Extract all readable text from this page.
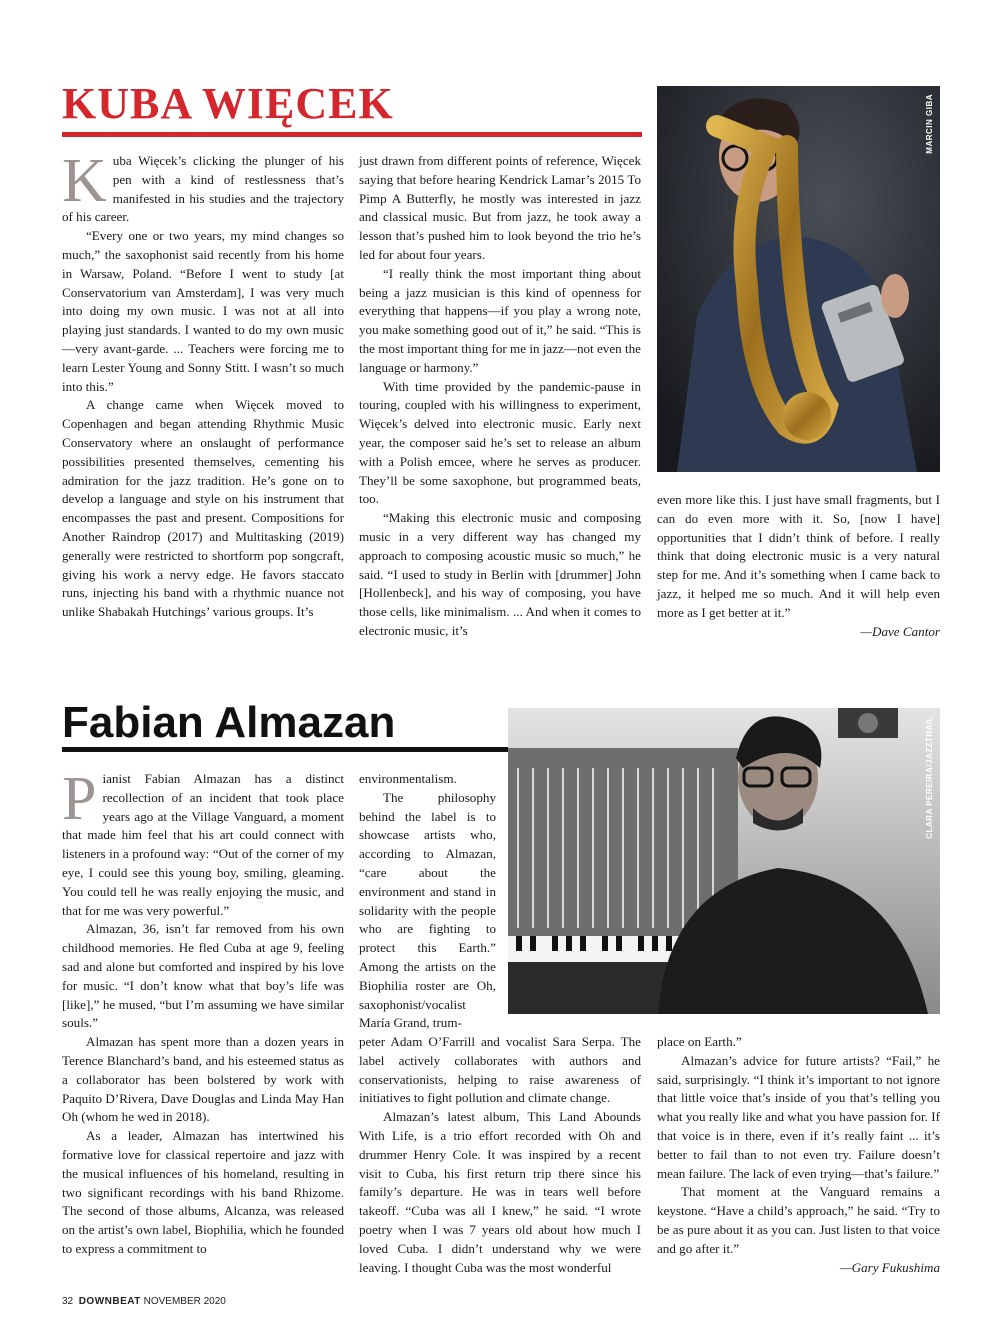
KUBA WIĘCEK

Kuba Więcek’s clicking the plunger of his pen with a kind of restlessness that’s manifested in his studies and the trajectory of his career.

“Every one or two years, my mind changes so much,” the saxophonist said recently from his home in Warsaw, Poland. “Before I went to study [at Conservatorium van Amsterdam], I was very much into doing my own music. I was not at all into playing just standards. I wanted to do my own music—very avant-garde. ... Teachers were forcing me to learn Lester Young and Sonny Stitt. I wasn’t so much into this.”

A change came when Więcek moved to Copenhagen and began attending Rhythmic Music Conservatory where an onslaught of performance possibilities presented themselves, cementing his admiration for the jazz tradition. He’s gone on to develop a language and style on his instrument that encompasses the past and present. Compositions for Another Raindrop (2017) and Multitasking (2019) generally were restricted to shortform pop songcraft, giving his work a nervy edge. He favors staccato runs, injecting his band with a rhythmic nuance not unlike Shabakah Hutchings’ various groups. It’s

just drawn from different points of reference, Więcek saying that before hearing Kendrick Lamar’s 2015 To Pimp A Butterfly, he mostly was interested in jazz and classical music. But from jazz, he took away a lesson that’s pushed him to look beyond the trio he’s led for about four years.

“I really think the most important thing about being a jazz musician is this kind of openness for everything that happens—if you play a wrong note, you make something good out of it,” he said. “This is the most important thing for me in jazz—not even the language or harmony.”

With time provided by the pandemic-pause in touring, coupled with his willingness to experiment, Więcek’s delved into electronic music. Early next year, the composer said he’s set to release an album with a Polish emcee, where he serves as producer. They’ll be some saxophone, but programmed beats, too.

“Making this electronic music and composing music in a very different way has changed my approach to composing acoustic music so much,” he said. “I used to study in Berlin with [drummer] John [Hollenbeck], and his way of composing, you have those cells, like minimalism. ... And when it comes to electronic music, it’s

MARCIN GIBA

even more like this. I just have small fragments, but I can do even more with it. So, [now I have] opportunities that I didn’t think of before. I really think that doing electronic music is a very natural step for me. And it’s something when I came back to jazz, it helped me so much. And it will help even more as I get better at it.”

—Dave Cantor
Fabian Almazan	CLARA PEREIRA/JAZZTRAIL

Pianist Fabian Almazan has a distinct recollection of an incident that took place years ago at the Village Vanguard, a moment that made him feel that his art could connect with listeners in a profound way: “Out of the corner of my eye, I could see this young boy, smiling, gleaming. You could tell he was really enjoying the music, and that for me was very powerful.”

Almazan, 36, isn’t far removed from his own childhood memories. He fled Cuba at age 9, feeling sad and alone but comforted and inspired by his love for music. “I don’t know what that boy’s life was [like],” he mused, “but I’m assuming we have similar souls.”

Almazan has spent more than a dozen years in Terence Blanchard’s band, and his esteemed status as a collaborator has been bolstered by work with Paquito D’Rivera, Dave Douglas and Linda May Han Oh (whom he wed in 2018).

As a leader, Almazan has intertwined his formative love for classical repertoire and jazz with the musical influences of his homeland, resulting in two significant recordings with his band Rhizome. The second of those albums, Alcanza, was released on the artist’s own label, Biophilia, which he founded to express a commitment to

environmentalism.

The philosophy behind the label is to showcase artists who, according to Almazan, “care about the environment and stand in solidarity with the people who are fighting to protect this Earth.” Among the artists on the Biophilia roster are Oh, saxophonist/vocalist María Grand, trum-

peter Adam O’Farrill and vocalist Sara Serpa. The label actively collaborates with authors and conservationists, helping to raise awareness of initiatives to fight pollution and climate change.

Almazan’s latest album, This Land Abounds With Life, is a trio effort recorded with Oh and drummer Henry Cole. It was inspired by a recent visit to Cuba, his first return trip there since his family’s departure. He was in tears well before takeoff. “Cuba was all I knew,” he said. “I wrote poetry when I was 7 years old about how much I loved Cuba. I didn’t understand why we were leaving. I thought Cuba was the most wonderful

place on Earth.”

Almazan’s advice for future artists? “Fail,” he said, surprisingly. “I think it’s important to not ignore that little voice that’s inside of you that’s telling you what you really like and what you have passion for. If that voice is in there, even if it’s really faint ... it’s better to fail than to not even try. Failure doesn’t mean failure. The lack of even trying—that’s failure.”

That moment at the Vanguard remains a keystone. “Have a child’s approach,” he said. “Try to be as pure about it as you can. Just listen to that voice and go after it.”

—Gary Fukushima
32 DOWNBEAT NOVEMBER 2020
